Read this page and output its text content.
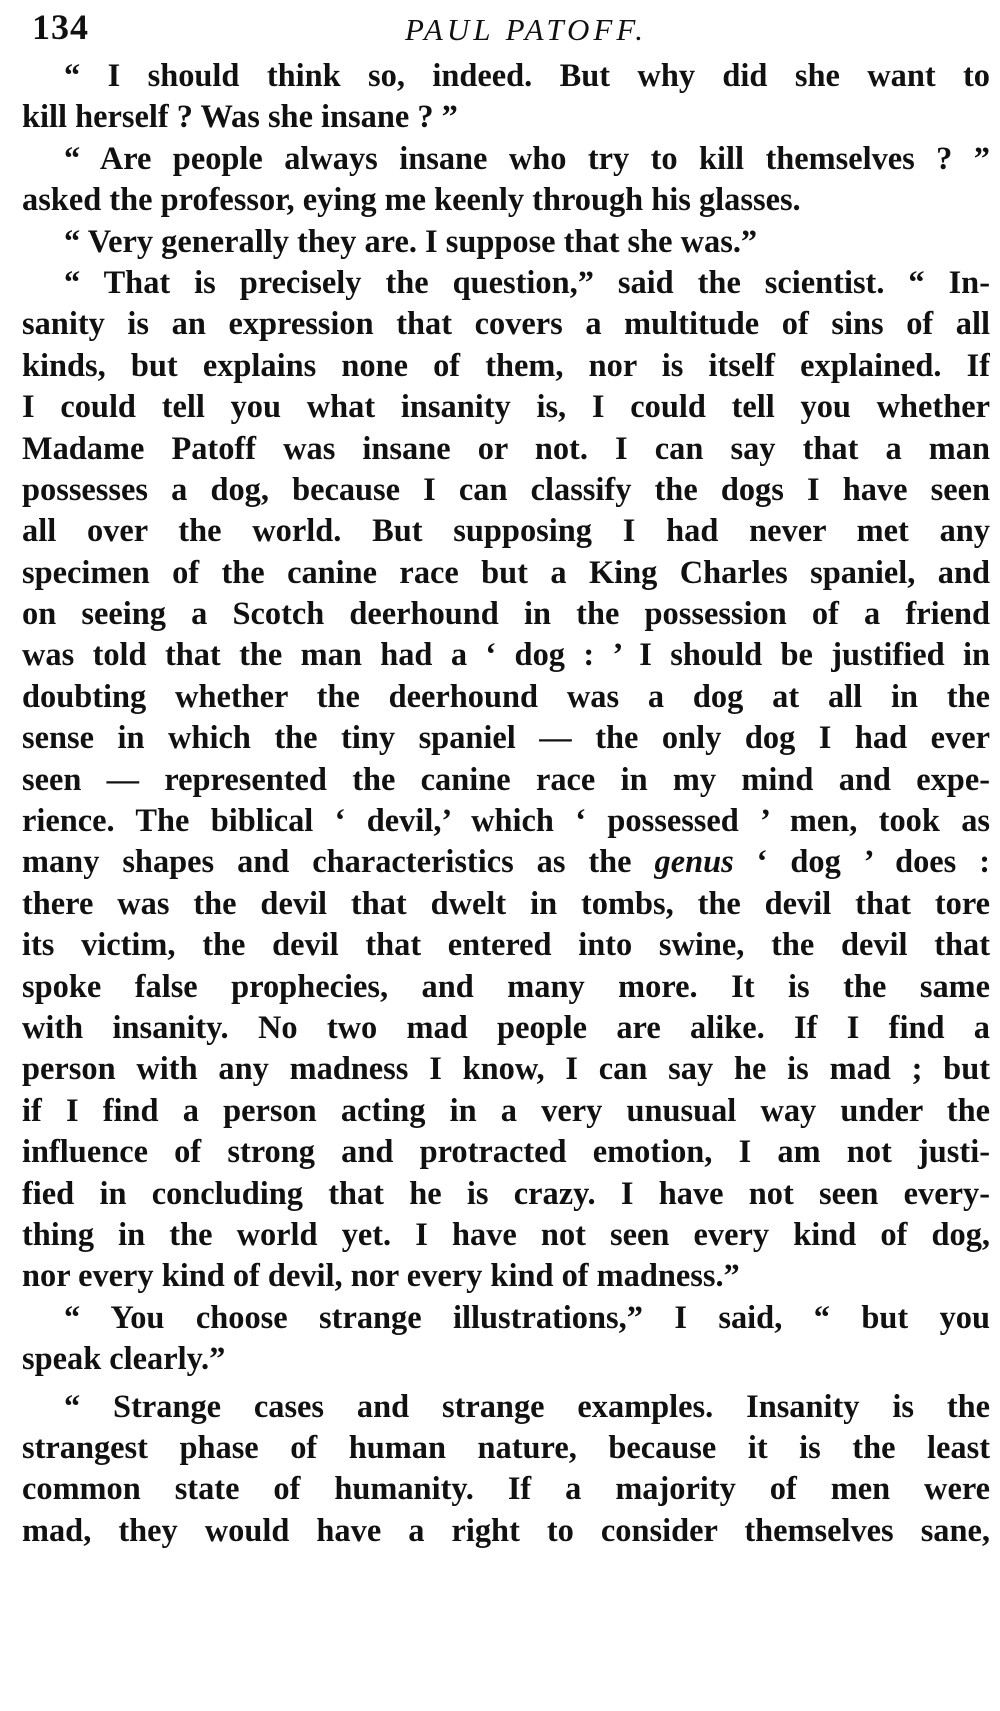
134	PAUL PATOFF.
“ I should think so, indeed. But why did she want to
kill herself ? Was she insane ? ”
“ Are people always insane who try to kill themselves ? ”
asked the professor, eying me keenly through his glasses.
“ Very generally they are. I suppose that she was.”
“ That is precisely the question,” said the scientist. “ In-
sanity is an expression that covers a multitude of sins of all
kinds, but explains none of them, nor is itself explained. If
I could tell you what insanity is, I could tell you whether
Madame Patoff was insane or not. I can say that a man
possesses a dog, because I can classify the dogs I have seen
all over the world. But supposing I had never met any
specimen of the canine race but a King Charles spaniel, and
on seeing a Scotch deerhound in the possession of a friend
was told that the man had a ‘ dog : ’ I should be justified in
doubting whether the deerhound was a dog at all in the
sense in which the tiny spaniel — the only dog I had ever
seen — represented the canine race in my mind and expe-
rience. The biblical ‘ devil,’ which ‘ possessed ’ men, took as
many shapes and characteristics as the genus ‘ dog ’ does :
there was the devil that dwelt in tombs, the devil that tore
its victim, the devil that entered into swine, the devil that
spoke false prophecies, and many more. It is the same
with insanity. No two mad people are alike. If I find a
person with any madness I know, I can say he is mad ; but
if I find a person acting in a very unusual way under the
influence of strong and protracted emotion, I am not justi-
fied in concluding that he is crazy. I have not seen every-
thing in the world yet. I have not seen every kind of dog,
nor every kind of devil, nor every kind of madness.”
“ You choose strange illustrations,” I said, “ but you
speak clearly.”
“ Strange cases and strange examples. Insanity is the
strangest phase of human nature, because it is the least
common state of humanity. If a majority of men were
mad, they would have a right to consider themselves sane,
